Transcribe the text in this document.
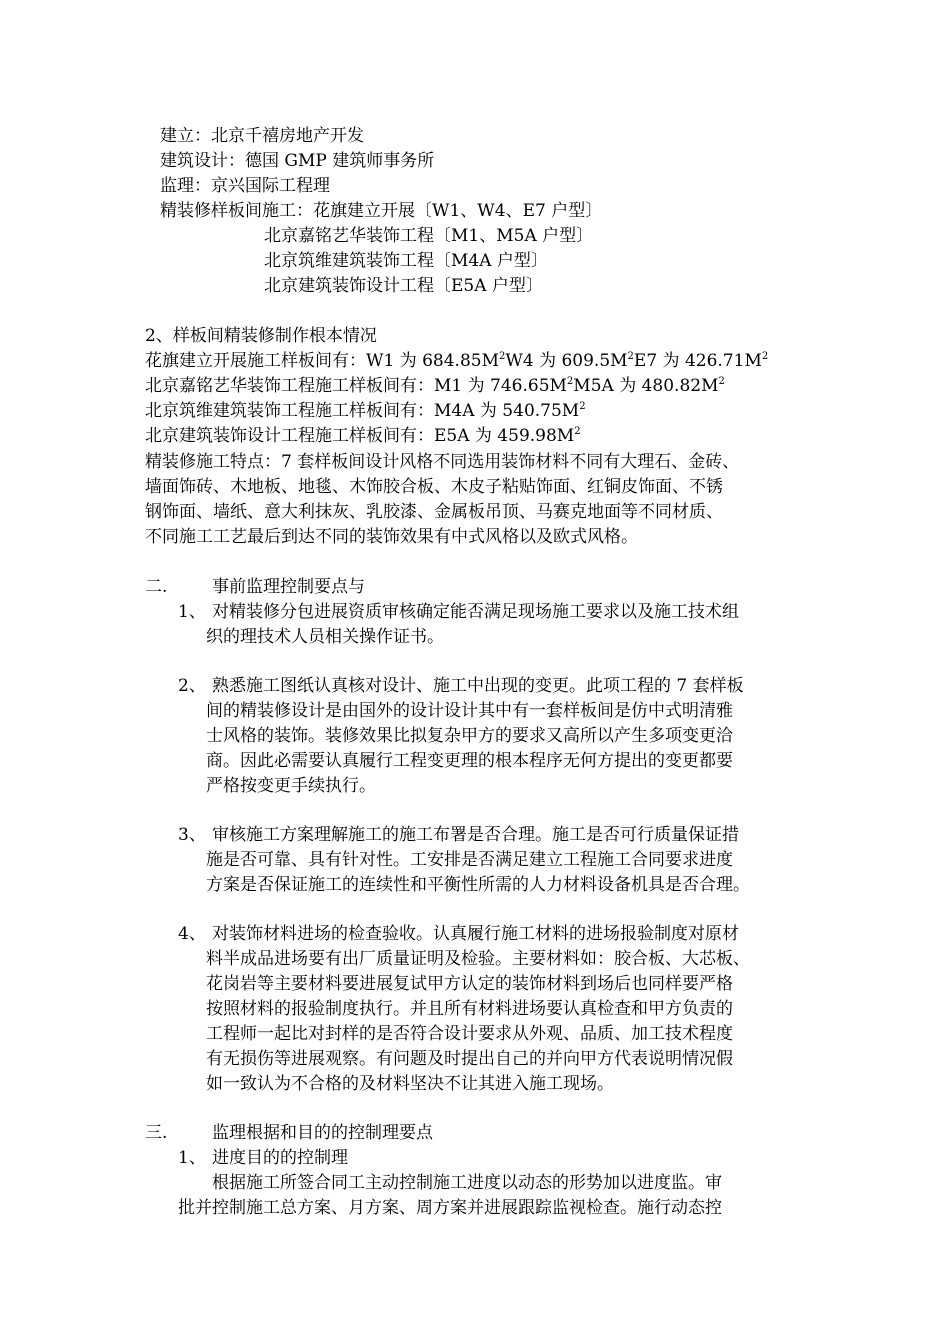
建立：北京千禧房地产开发
建筑设计：德国 GMP 建筑师事务所
监理：京兴国际工程理
精装修样板间施工：花旗建立开展〔W1、W4、E7 户型〕
北京嘉铭艺华装饰工程〔M1、M5A 户型〕
北京筑维建筑装饰工程〔M4A 户型〕
北京建筑装饰设计工程〔E5A 户型〕
2、样板间精装修制作根本情况
花旗建立开展施工样板间有：W1 为 $684.85M^2W4$ 为 $609.5M^2E7$ 为 $426.71M^2$
北京嘉铭艺华装饰工程施工样板间有：M1 为 $746.65M^2M5A$ 为 $480.82M^2$
北京筑维建筑装饰工程施工样板间有：M4A 为 $540.75M^2$
北京建筑装饰设计工程施工样板间有：E5A 为 $459.98M^2$
精装修施工特点：7 套样板间设计风格不同选用装饰材料不同有大理石、金砖、
墙面饰砖、木地板、地毯、木饰胶合板、木皮子粘贴饰面、红铜皮饰面、不锈
钢饰面、墙纸、意大利抹灰、乳胶漆、金属板吊顶、马赛克地面等不同材质、
不同施工工艺最后到达不同的装饰效果有中式风格以及欧式风格。
二.	事前监理控制要点与
1、 对精装修分包进展资质审核确定能否满足现场施工要求以及施工技术组
织的理技术人员相关操作证书。
2、 熟悉施工图纸认真核对设计、施工中出现的变更。此项工程的 7 套样板
间的精装修设计是由国外的设计设计其中有一套样板间是仿中式明清雅
士风格的装饰。装修效果比拟复杂甲方的要求又高所以产生多项变更洽
商。因此必需要认真履行工程变更理的根本程序无何方提出的变更都要
严格按变更手续执行。
3、 审核施工方案理解施工的施工布署是否合理。施工是否可行质量保证措
施是否可靠、具有针对性。工安排是否满足建立工程施工合同要求进度
方案是否保证施工的连续性和平衡性所需的人力材料设备机具是否合理。
4、 对装饰材料进场的检查验收。认真履行施工材料的进场报验制度对原材
料半成品进场要有出厂质量证明及检验。主要材料如：胶合板、大芯板、
花岗岩等主要材料要进展复试甲方认定的装饰材料到场后也同样要严格
按照材料的报验制度执行。并且所有材料进场要认真检查和甲方负责的
工程师一起比对封样的是否符合设计要求从外观、品质、加工技术程度
有无损伤等进展观察。有问题及时提出自己的并向甲方代表说明情况假
如一致认为不合格的及材料坚决不让其进入施工现场。
三.	监理根据和目的的控制理要点
1、 进度目的的控制理
根据施工所签合同工主动控制施工进度以动态的形势加以进度监。审
批并控制施工总方案、月方案、周方案并进展跟踪监视检查。施行动态控
